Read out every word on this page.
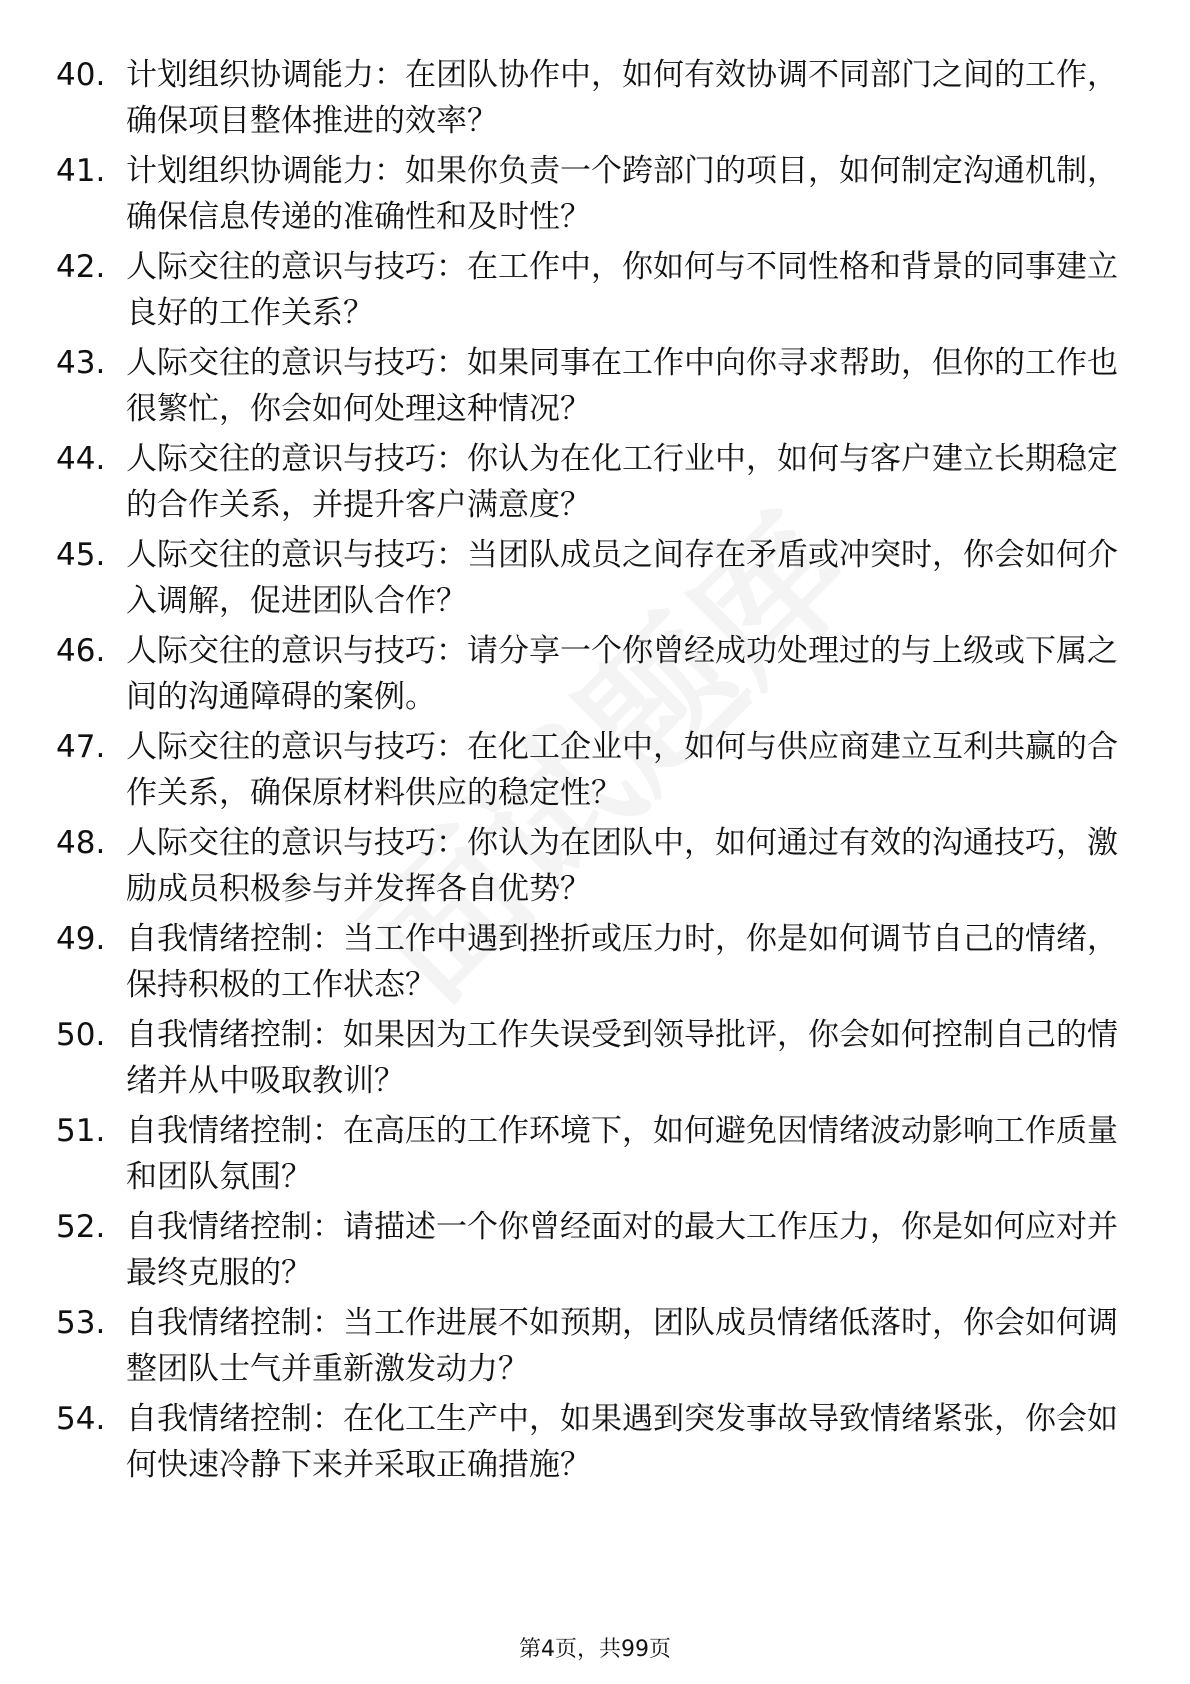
40. 计划组织协调能力：在团队协作中，如何有效协调不同部门之间的工作，确保项目整体推进的效率？
41. 计划组织协调能力：如果你负责一个跨部门的项目，如何制定沟通机制，确保信息传递的准确性和及时性？
42. 人际交往的意识与技巧：在工作中，你如何与不同性格和背景的同事建立良好的工作关系？
43. 人际交往的意识与技巧：如果同事在工作中向你寻求帮助，但你的工作也很繁忙，你会如何处理这种情况？
44. 人际交往的意识与技巧：你认为在化工行业中，如何与客户建立长期稳定的合作关系，并提升客户满意度？
45. 人际交往的意识与技巧：当团队成员之间存在矛盾或冲突时，你会如何介入调解，促进团队合作？
46. 人际交往的意识与技巧：请分享一个你曾经成功处理过的与上级或下属之间的沟通障碍的案例。
47. 人际交往的意识与技巧：在化工企业中，如何与供应商建立互利共赢的合作关系，确保原材料供应的稳定性？
48. 人际交往的意识与技巧：你认为在团队中，如何通过有效的沟通技巧，激励成员积极参与并发挥各自优势？
49. 自我情绪控制：当工作中遇到挫折或压力时，你是如何调节自己的情绪，保持积极的工作状态？
50. 自我情绪控制：如果因为工作失误受到领导批评，你会如何控制自己的情绪并从中吸取教训？
51. 自我情绪控制：在高压的工作环境下，如何避免因情绪波动影响工作质量和团队氛围？
52. 自我情绪控制：请描述一个你曾经面对的最大工作压力，你是如何应对并最终克服的？
53. 自我情绪控制：当工作进展不如预期，团队成员情绪低落时，你会如何调整团队士气并重新激发动力？
54. 自我情绪控制：在化工生产中，如果遇到突发事故导致情绪紧张，你会如何快速冷静下来并采取正确措施？
第4页，共99页
